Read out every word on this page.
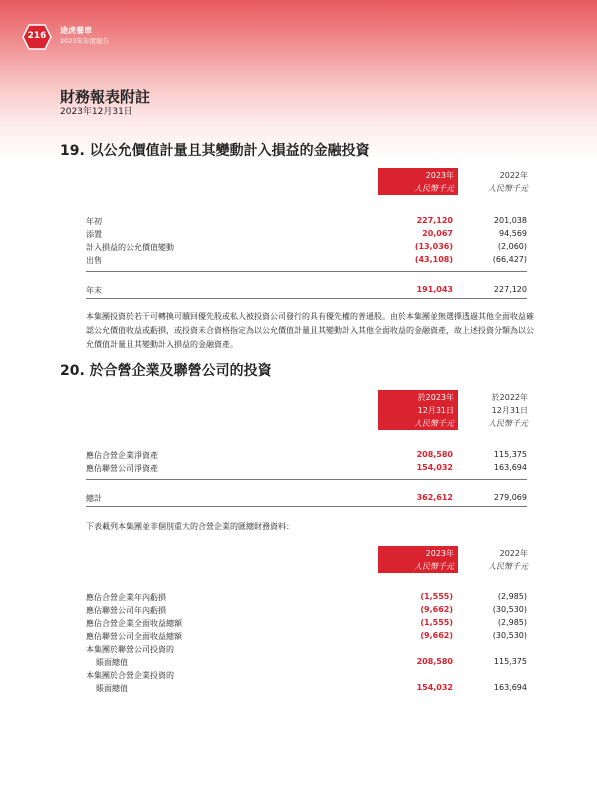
216
途虎養車
2023年年度報告
財務報表附註
2023年12月31日
19. 以公允價值計量且其變動計入損益的金融投資
2023年
人民幣千元
2022年
人民幣千元
年初	227,120	201,038
添置	20,067	94,569
計入損益的公允價值變動	(13,036)	(2,060)
出售	(43,108)	(66,427)
年末	191,043	227,120
本集團投資於若干可轉換可贖回優先股或私人被投資公司發行的具有優先權的普通股。由於本集團並無選擇透過其他全面收益確認公允價值收益或虧損，或投資未合資格指定為以公允價值計量且其變動計入其他全面收益的金融資產，故上述投資分類為以公允價值計量且其變動計入損益的金融資產。
20. 於合營企業及聯營公司的投資
於2023年
12月31日
人民幣千元
於2022年
12月31日
人民幣千元
應佔合營企業淨資產	208,580	115,375
應佔聯營公司淨資產	154,032	163,694
總計	362,612	279,069
下表載列本集團並非個別重大的合營企業的匯總財務資料：
2023年
人民幣千元
2022年
人民幣千元
應佔合營企業年內虧損	(1,555)	(2,985)
應佔聯營公司年內虧損	(9,662)	(30,530)
應佔合營企業全面收益總額	(1,555)	(2,985)
應佔聯營公司全面收益總額	(9,662)	(30,530)
本集團於聯營公司投資的
賬面總值	208,580	115,375
本集團於合營企業投資的
賬面總值	154,032	163,694
